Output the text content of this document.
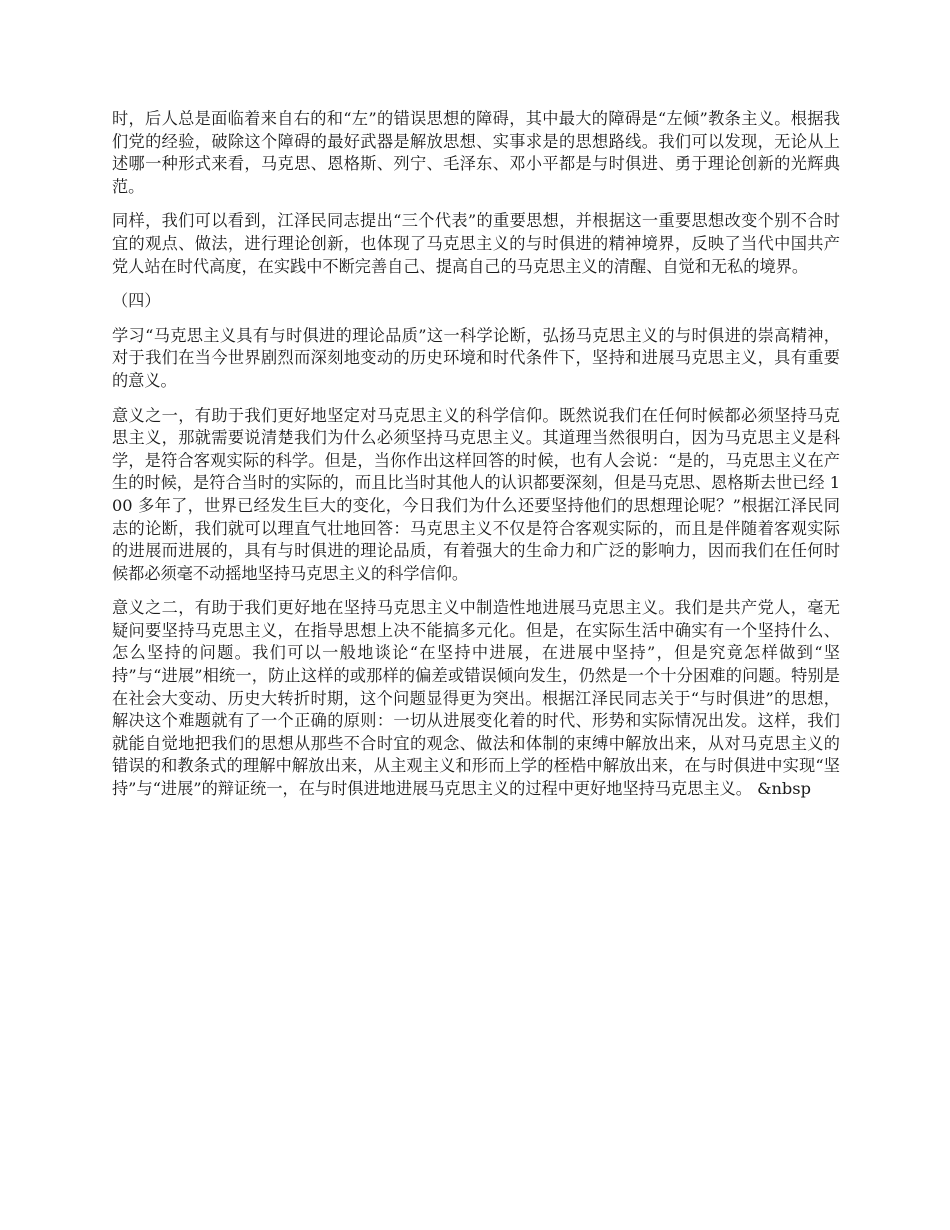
时，后人总是面临着来自右的和“左”的错误思想的障碍，其中最大的障碍是“左倾”教条主义。根据我们党的经验，破除这个障碍的最好武器是解放思想、实事求是的思想路线。我们可以发现，无论从上述哪一种形式来看，马克思、恩格斯、列宁、毛泽东、邓小平都是与时俱进、勇于理论创新的光辉典范。

同样，我们可以看到，江泽民同志提出“三个代表”的重要思想，并根据这一重要思想改变个别不合时宜的观点、做法，进行理论创新，也体现了马克思主义的与时俱进的精神境界，反映了当代中国共产党人站在时代高度，在实践中不断完善自己、提高自己的马克思主义的清醒、自觉和无私的境界。

（四）

学习“马克思主义具有与时俱进的理论品质”这一科学论断，弘扬马克思主义的与时俱进的崇高精神，对于我们在当今世界剧烈而深刻地变动的历史环境和时代条件下，坚持和进展马克思主义，具有重要的意义。

意义之一，有助于我们更好地坚定对马克思主义的科学信仰。既然说我们在任何时候都必须坚持马克思主义，那就需要说清楚我们为什么必须坚持马克思主义。其道理当然很明白，因为马克思主义是科学，是符合客观实际的科学。但是，当你作出这样回答的时候，也有人会说：“是的，马克思主义在产生的时候，是符合当时的实际的，而且比当时其他人的认识都要深刻，但是马克思、恩格斯去世已经 100 多年了，世界已经发生巨大的变化，今日我们为什么还要坚持他们的思想理论呢？”根据江泽民同志的论断，我们就可以理直气壮地回答：马克思主义不仅是符合客观实际的，而且是伴随着客观实际的进展而进展的，具有与时俱进的理论品质，有着强大的生命力和广泛的影响力，因而我们在任何时候都必须毫不动摇地坚持马克思主义的科学信仰。

意义之二，有助于我们更好地在坚持马克思主义中制造性地进展马克思主义。我们是共产党人，毫无疑问要坚持马克思主义，在指导思想上决不能搞多元化。但是，在实际生活中确实有一个坚持什么、怎么坚持的问题。我们可以一般地谈论“在坚持中进展，在进展中坚持”，但是究竟怎样做到“坚持”与“进展”相统一，防止这样的或那样的偏差或错误倾向发生，仍然是一个十分困难的问题。特别是在社会大变动、历史大转折时期，这个问题显得更为突出。根据江泽民同志关于“与时俱进”的思想，解决这个难题就有了一个正确的原则：一切从进展变化着的时代、形势和实际情况出发。这样，我们就能自觉地把我们的思想从那些不合时宜的观念、做法和体制的束缚中解放出来，从对马克思主义的错误的和教条式的理解中解放出来，从主观主义和形而上学的桎梏中解放出来，在与时俱进中实现“坚持”与“进展”的辩证统一，在与时俱进地进展马克思主义的过程中更好地坚持马克思主义。 &nbsp
